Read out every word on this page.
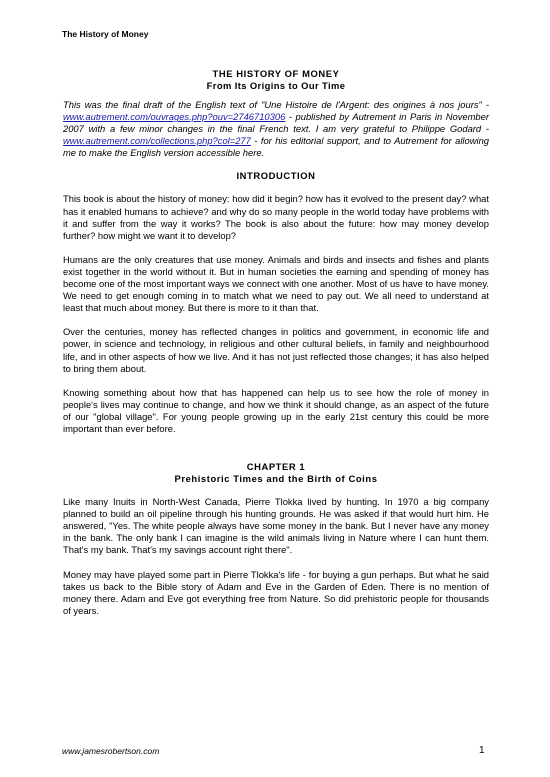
The History of Money
THE HISTORY OF MONEY
From Its Origins to Our Time

This was the final draft of the English text of "Une Histoire de l'Argent: des origines à nos jours" - www.autrement.com/ouvrages.php?ouv=2746710306 - published by Autrement in Paris in November 2007 with a few minor changes in the final French text. I am very grateful to Philippe Godard - www.autrement.com/collections.php?col=277 - for his editorial support, and to Autrement for allowing me to make the English version accessible here.

INTRODUCTION

This book is about the history of money: how did it begin? how has it evolved to the present day? what has it enabled humans to achieve? and why do so many people in the world today have problems with it and suffer from the way it works? The book is also about the future: how may money develop further? how might we want it to develop?

Humans are the only creatures that use money. Animals and birds and insects and fishes and plants exist together in the world without it. But in human societies the earning and spending of money has become one of the most important ways we connect with one another. Most of us have to have money. We need to get enough coming in to match what we need to pay out. We all need to understand at least that much about money. But there is more to it than that.

Over the centuries, money has reflected changes in politics and government, in economic life and power, in science and technology, in religious and other cultural beliefs, in family and neighbourhood life, and in other aspects of how we live. And it has not just reflected those changes; it has also helped to bring them about.

Knowing something about how that has happened can help us to see how the role of money in people's lives may continue to change, and how we think it should change, as an aspect of the future of our "global village". For young people growing up in the early 21st century this could be more important than ever before.

CHAPTER 1
Prehistoric Times and the Birth of Coins

Like many Inuits in North-West Canada, Pierre Tlokka lived by hunting. In 1970 a big company planned to build an oil pipeline through his hunting grounds. He was asked if that would hurt him. He answered, "Yes. The white people always have some money in the bank. But I never have any money in the bank. The only bank I can imagine is the wild animals living in Nature where I can hunt them. That's my bank. That's my savings account right there".

Money may have played some part in Pierre Tlokka's life - for buying a gun perhaps. But what he said takes us back to the Bible story of Adam and Eve in the Garden of Eden. There is no mention of money there. Adam and Eve got everything free from Nature. So did prehistoric people for thousands of years.

www.jamesrobertson.com	1
